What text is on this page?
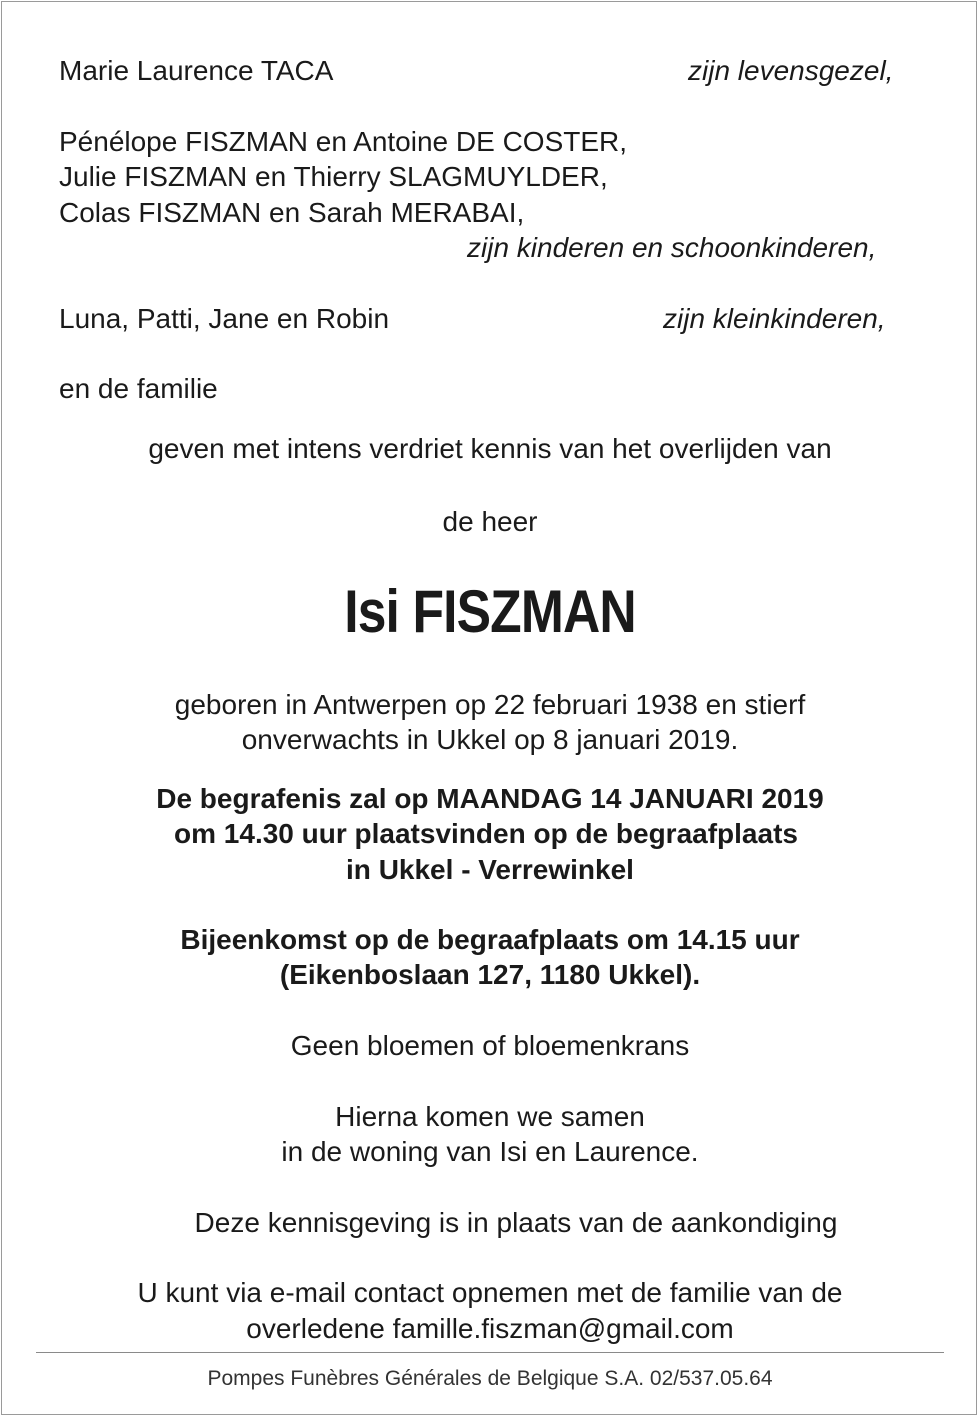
Marie Laurence TACA	zijn levensgezel,
Pénélope FISZMAN en Antoine DE COSTER,
Julie FISZMAN en Thierry SLAGMUYLDER,
Colas FISZMAN en Sarah MERABAI,
zijn kinderen en schoonkinderen,
Luna, Patti, Jane en Robin	zijn kleinkinderen,
en de familie
geven met intens verdriet kennis van het overlijden van
de heer
Isi FISZMAN
geboren in Antwerpen op 22 februari 1938 en stierf
onverwachts in Ukkel op 8 januari 2019.
De begrafenis zal op MAANDAG 14 JANUARI 2019
om 14.30 uur plaatsvinden op de begraafplaats
in Ukkel - Verrewinkel
Bijeenkomst op de begraafplaats om 14.15 uur
(Eikenboslaan 127, 1180 Ukkel).
Geen bloemen of bloemenkrans
Hierna komen we samen
in de woning van Isi en Laurence.
Deze kennisgeving is in plaats van de aankondiging
U kunt via e-mail contact opnemen met de familie van de
overledene famille.fiszman@gmail.com
Pompes Funèbres Générales de Belgique S.A. 02/537.05.64
